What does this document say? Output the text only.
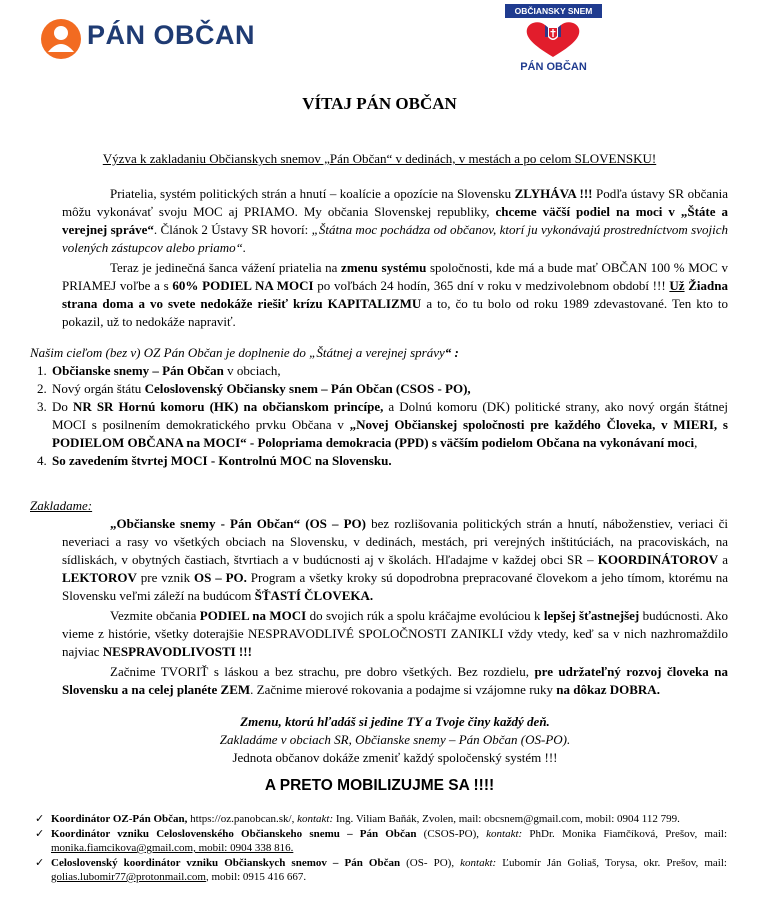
PÁN OBČAN
OBČIANSKY SNEM
PÁN OBČAN
VÍTAJ PÁN OBČAN
Výzva k zakladaniu Občianskych snemov „Pán Občan“ v dedinách, v mestách a po celom SLOVENSKU!

Priatelia, systém politických strán a hnutí – koalície a opozície na Slovensku ZLYHÁVA !!! Podľa ústavy SR občania môžu vykonávať svoju MOC aj PRIAMO. My občania Slovenskej republiky, chceme väčší podiel na moci v „Štáte a verejnej správe“. Článok 2 Ústavy SR hovorí: „Štátna moc pochádza od občanov, ktorí ju vykonávajú prostredníctvom svojich volených zástupcov alebo priamo“.

Teraz je jedinečná šanca vážení priatelia na zmenu systému spoločnosti, kde má a bude mať OBČAN 100 % MOC v PRIAMEJ voľbe a s 60% PODIEL NA MOCI po voľbách 24 hodín, 365 dní v roku v medzivolebnom období !!! Už Žiadna strana doma a vo svete nedokáže riešiť krízu KAPITALIZMU a to, čo tu bolo od roku 1989 zdevastované. Ten kto to pokazil, už to nedokáže napraviť.

Našim cieľom (bez v) OZ Pán Občan je doplnenie do „Štátnej a verejnej správy“ :

1. Občianske snemy – Pán Občan v obciach,
2. Nový orgán štátu Celoslovenský Občiansky snem – Pán Občan (CSOS - PO),
3. Do NR SR Hornú komoru (HK) na občianskom princípe, a Dolnú komoru (DK) politické strany, ako nový orgán štátnej MOCI s posilnením demokratického prvku Občana v „Novej Občianskej spoločnosti pre každého Človeka, v MIERI, s PODIELOM OBČANA na MOCI“ - Polopriama demokracia (PPD) s väčším podielom Občana na vykonávaní moci,
4. So zavedením štvrtej MOCI - Kontrolnú MOC na Slovensku.

Zakladame:

„Občianske snemy - Pán Občan“ (OS – PO) bez rozlišovania politických strán a hnutí, náboženstiev, veriaci či neveriaci a rasy vo všetkých obciach na Slovensku, v dedinách, mestách, pri verejných inštitúciách, na pracoviskách, na sídliskách, v obytných častiach, štvrtiach a v budúcnosti aj v školách. Hľadajme v každej obci SR – KOORDINÁTOROV a LEKTOROV pre vznik OS – PO. Program a všetky kroky sú dopodrobna prepracované človekom a jeho tímom, ktorému na Slovensku veľmi záleží na budúcom ŠŤASTÍ ČLOVEKA.

Vezmite občania PODIEL na MOCI do svojich rúk a spolu kráčajme evolúciou k lepšej šťastnejšej budúcnosti. Ako vieme z histórie, všetky doterajšie NESPRAVODLIVÉ SPOLOČNOSTI ZANIKLI vždy vtedy, keď sa v nich nazhromaždilo najviac NESPRAVODLIVOSTI !!!

Začnime TVORIŤ s láskou a bez strachu, pre dobro všetkých. Bez rozdielu, pre udržateľný rozvoj človeka na Slovensku a na celej planéte ZEM. Začnime mierové rokovania a podajme si vzájomne ruky na dôkaz DOBRA.

Zmenu, ktorú hľadáš si jedine TY a Tvoje činy každý deň.

Zakladáme v obciach SR, Občianske snemy – Pán Občan (OS-PO).

Jednota občanov dokáže zmeniť každý spoločenský systém !!!

A PRETO MOBILIZUJME SA !!!!
✓ Koordinátor OZ-Pán Občan, https://oz.panobcan.sk/, kontakt: Ing. Viliam Baňák, Zvolen, mail: obcsnem@gmail.com, mobil: 0904 112 799.
✓ Koordinátor vzniku Celoslovenského Občianskeho snemu – Pán Občan (CSOS-PO), kontakt: PhDr. Monika Fiamčíková, Prešov, mail: monika.fiamcikova@gmail.com, mobil: 0904 338 816.
✓ Celoslovenský koordinátor vzniku Občianskych snemov – Pán Občan (OS- PO), kontakt: Ľubomír Ján Goliaš, Torysa, okr. Prešov, mail: golias.lubomir77@protonmail.com, mobil: 0915 416 667.
